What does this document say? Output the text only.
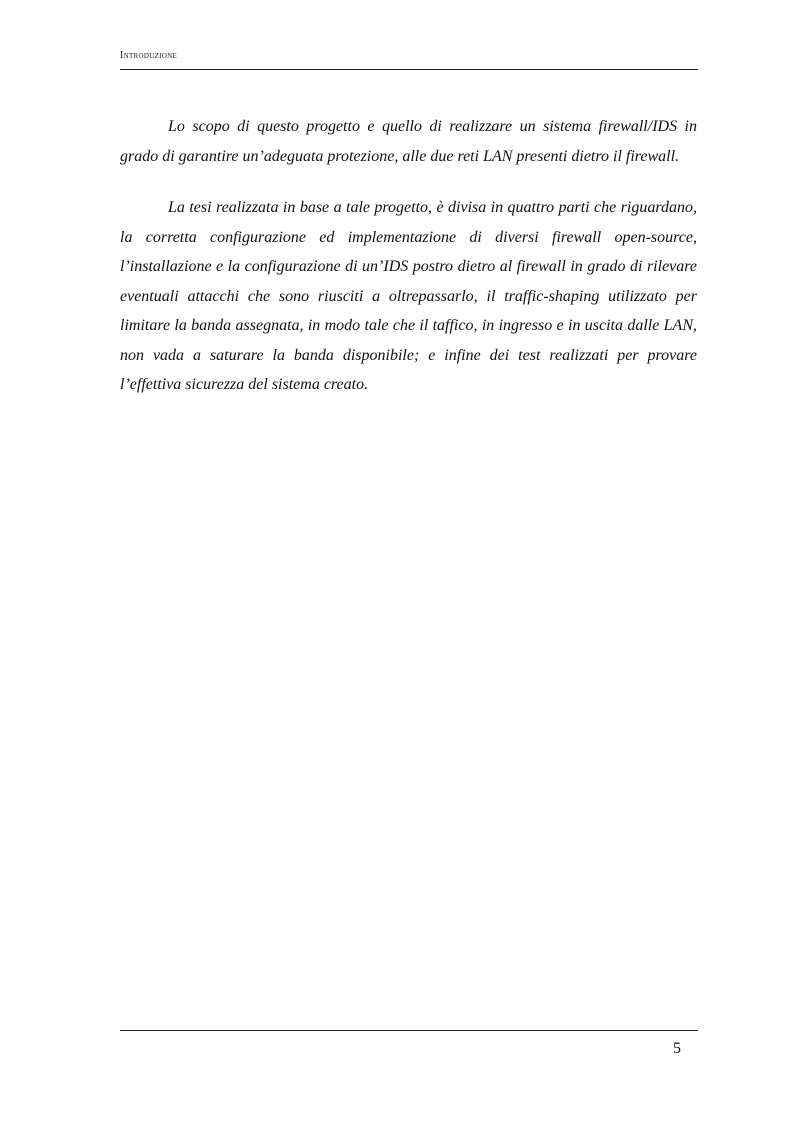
Introduzione

Lo scopo di questo progetto e quello di realizzare un sistema firewall/IDS in grado di garantire un’adeguata protezione, alle due reti LAN presenti dietro il firewall.

La tesi realizzata in base a tale progetto, è divisa in quattro parti che riguardano, la corretta configurazione ed implementazione di diversi firewall open-source, l’installazione e la configurazione di un’IDS postro dietro al firewall in grado di rilevare eventuali attacchi che sono riusciti a oltrepassarlo, il traffic-shaping utilizzato per limitare la banda assegnata, in modo tale che il taffico, in ingresso e in uscita dalle LAN, non vada a saturare la banda disponibile; e infine dei test realizzati per provare l’effettiva sicurezza del sistema creato.

5
